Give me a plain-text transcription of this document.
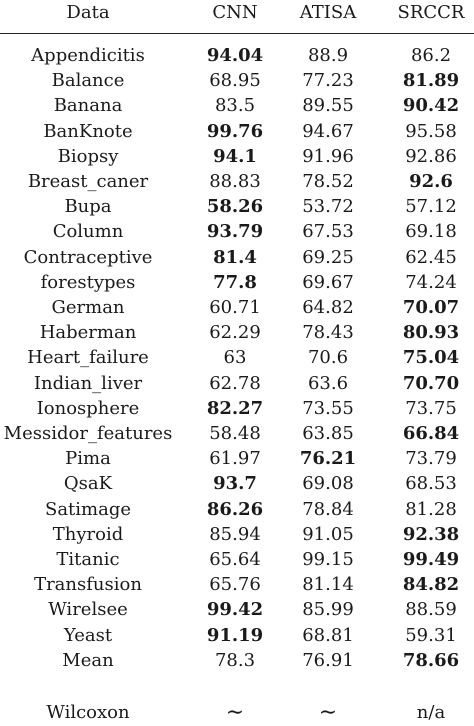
Data	CNN	ATISA	SRCCR
Appendicitis	94.04	88.9	86.2
Balance	68.95	77.23	81.89
Banana	83.5	89.55	90.42
BanKnote	99.76	94.67	95.58
Biopsy	94.1	91.96	92.86
Breast_caner	88.83	78.52	92.6
Bupa	58.26	53.72	57.12
Column	93.79	67.53	69.18
Contraceptive	81.4	69.25	62.45
forestypes	77.8	69.67	74.24
German	60.71	64.82	70.07
Haberman	62.29	78.43	80.93
Heart_failure	63	70.6	75.04
Indian_liver	62.78	63.6	70.70
Ionosphere	82.27	73.55	73.75
Messidor_features	58.48	63.85	66.84
Pima	61.97	76.21	73.79
QsaK	93.7	69.08	68.53
Satimage	86.26	78.84	81.28
Thyroid	85.94	91.05	92.38
Titanic	65.64	99.15	99.49
Transfusion	65.76	81.14	84.82
Wirelsee	99.42	85.99	88.59
Yeast	91.19	68.81	59.31
Mean	78.3	76.91	78.66
Wilcoxon	∼	∼	n/a
